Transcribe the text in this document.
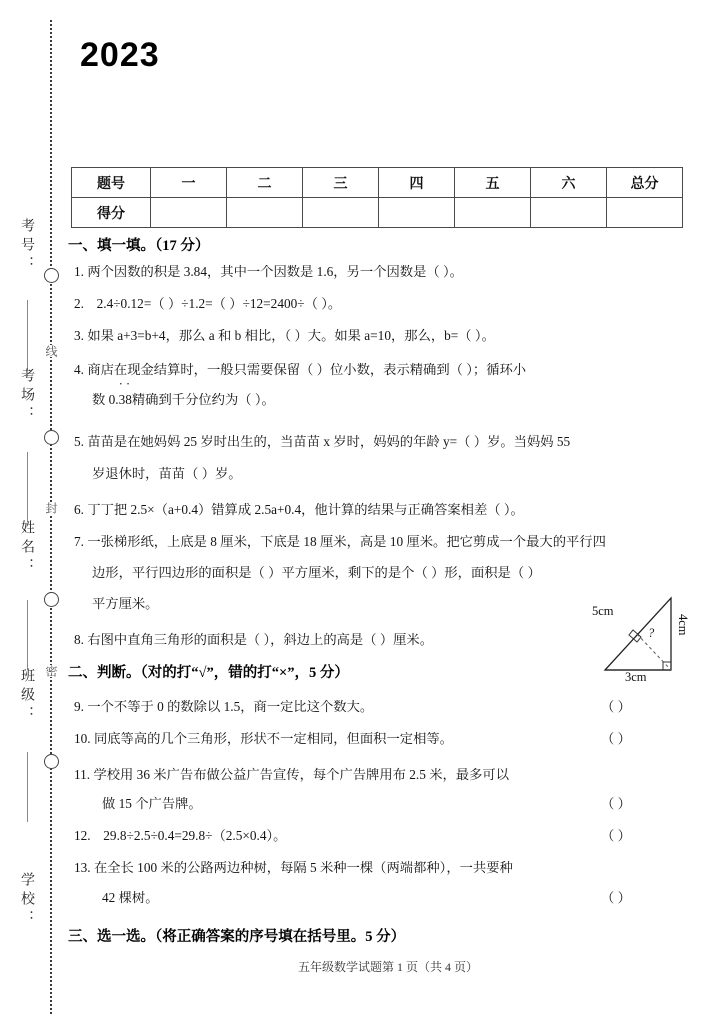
线
封
密
考号：
考场：
姓名：
班级：
学校：
2023
题号	一	二	三	四	五	六	总分
得分							
一、填一填。（17 分）
1. 两个因数的积是 3.84，其中一个因数是 1.6，另一个因数是（ ）。
2. 2.4÷0.12=（ ）÷1.2=（ ）÷12=2400÷（ ）。
3. 如果 a+3=b+4，那么 a 和 b 相比，（ ）大。如果 a=10，那么，b=（ ）。
4. 商店在现金结算时，一般只需要保留（ ）位小数，表示精确到（ ）；循环小
数 0.
··
38精确到千分位约为（ ）。
5. 苗苗是在她妈妈 25 岁时出生的，当苗苗 x 岁时，妈妈的年龄 y=（ ）岁。当妈妈 55
岁退休时，苗苗（ ）岁。
6. 丁丁把 2.5×（a+0.4）错算成 2.5a+0.4，他计算的结果与正确答案相差（ ）。
7. 一张梯形纸，上底是 8 厘米，下底是 18 厘米，高是 10 厘米。把它剪成一个最大的平行四
边形，平行四边形的面积是（ ）平方厘米，剩下的是个（ ）形，面积是（ ）
平方厘米。
8. 右图中直角三角形的面积是（ ），斜边上的高是（ ）厘米。
5cm
4cm
3cm
?
二、判断。（对的打“√”，错的打“×”，5 分）
9. 一个不等于 0 的数除以 1.5，商一定比这个数大。	（ ）
10. 同底等高的几个三角形，形状不一定相同，但面积一定相等。	（ ）
11. 学校用 36 米广告布做公益广告宣传，每个广告牌用布 2.5 米，最多可以
做 15 个广告牌。	（ ）
12. 29.8÷2.5÷0.4=29.8÷（2.5×0.4）。	（ ）
13. 在全长 100 米的公路两边种树，每隔 5 米种一棵（两端都种），一共要种
42 棵树。	（ ）
三、选一选。（将正确答案的序号填在括号里。5 分）
五年级数学试题第 1 页（共 4 页）
